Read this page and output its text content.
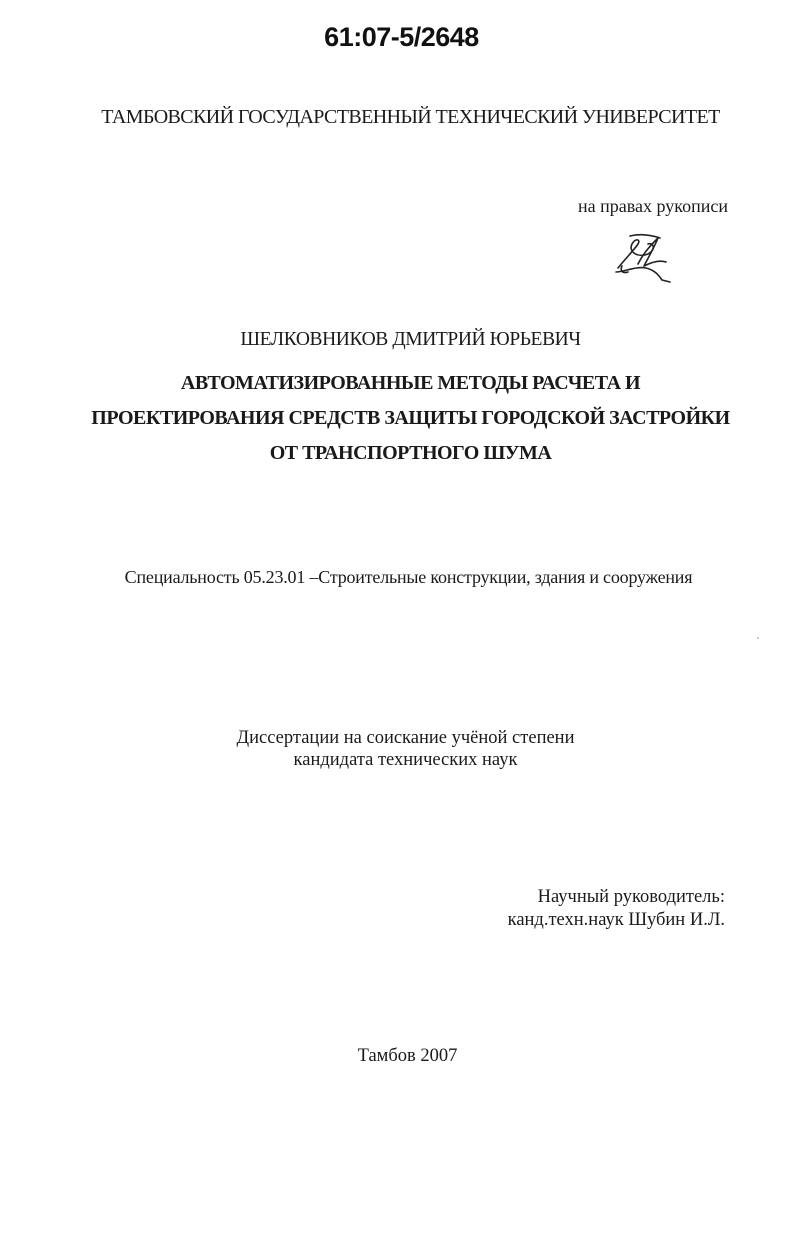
61:07-5/2648
ТАМБОВСКИЙ ГОСУДАРСТВЕННЫЙ ТЕХНИЧЕСКИЙ УНИВЕРСИТЕТ
на правах рукописи
ШЕЛКОВНИКОВ ДМИТРИЙ ЮРЬЕВИЧ
АВТОМАТИЗИРОВАННЫЕ МЕТОДЫ РАСЧЕТА И
ПРОЕКТИРОВАНИЯ СРЕДСТВ ЗАЩИТЫ ГОРОДСКОЙ ЗАСТРОЙКИ
ОТ ТРАНСПОРТНОГО ШУМА
Специальность 05.23.01 –Строительные конструкции, здания и сооружения
Диссертации на соискание учёной степени
кандидата технических наук
Научный руководитель:
канд.техн.наук Шубин И.Л.
Тамбов 2007
